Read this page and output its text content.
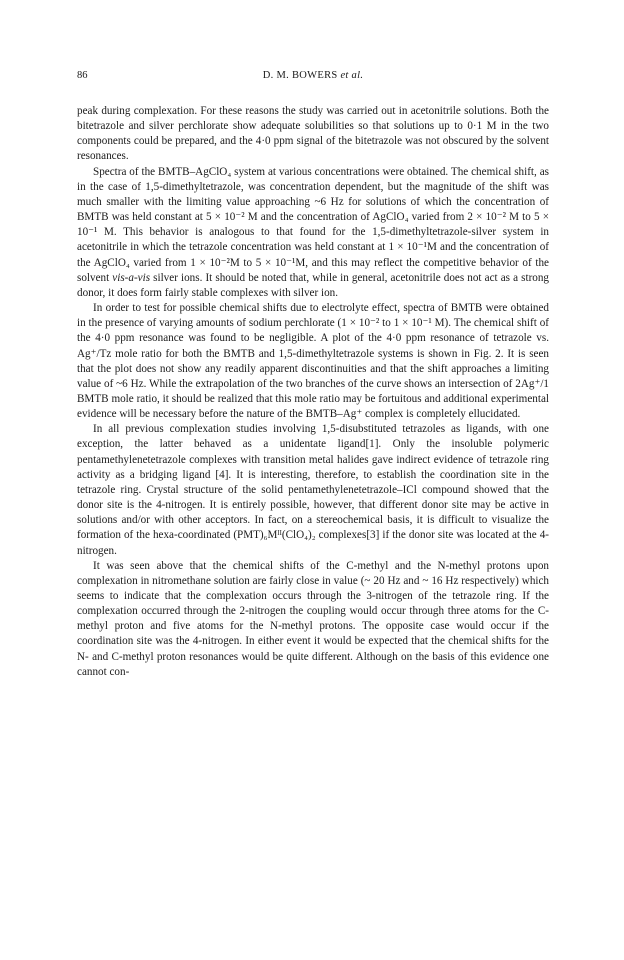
86	D. M. BOWERS et al.

peak during complexation. For these reasons the study was carried out in acetonitrile solutions. Both the bitetrazole and silver perchlorate show adequate solubilities so that solutions up to 0·1 M in the two components could be prepared, and the 4·0 ppm signal of the bitetrazole was not obscured by the solvent resonances.

Spectra of the BMTB–AgClO₄ system at various concentrations were obtained. The chemical shift, as in the case of 1,5-dimethyltetrazole, was concentration dependent, but the magnitude of the shift was much smaller with the limiting value approaching ~6 Hz for solutions of which the concentration of BMTB was held constant at 5 × 10⁻² M and the concentration of AgClO₄ varied from 2 × 10⁻² M to 5 × 10⁻¹ M. This behavior is analogous to that found for the 1,5-dimethyltetrazole-silver system in acetonitrile in which the tetrazole concentration was held constant at 1 × 10⁻¹M and the concentration of the AgClO₄ varied from 1 × 10⁻²M to 5 × 10⁻¹M, and this may reflect the competitive behavior of the solvent vis-a-vis silver ions. It should be noted that, while in general, acetonitrile does not act as a strong donor, it does form fairly stable complexes with silver ion.

In order to test for possible chemical shifts due to electrolyte effect, spectra of BMTB were obtained in the presence of varying amounts of sodium perchlorate (1 × 10⁻² to 1 × 10⁻¹ M). The chemical shift of the 4·0 ppm resonance was found to be negligible. A plot of the 4·0 ppm resonance of tetrazole vs. Ag⁺/Tz mole ratio for both the BMTB and 1,5-dimethyltetrazole systems is shown in Fig. 2. It is seen that the plot does not show any readily apparent discontinuities and that the shift approaches a limiting value of ~6 Hz. While the extrapolation of the two branches of the curve shows an intersection of 2Ag⁺/1 BMTB mole ratio, it should be realized that this mole ratio may be fortuitous and additional experimental evidence will be necessary before the nature of the BMTB–Ag⁺ complex is completely ellucidated.

In all previous complexation studies involving 1,5-disubstituted tetrazoles as ligands, with one exception, the latter behaved as a unidentate ligand[1]. Only the insoluble polymeric pentamethylenetetrazole complexes with transition metal halides gave indirect evidence of tetrazole ring activity as a bridging ligand [4]. It is interesting, therefore, to establish the coordination site in the tetrazole ring. Crystal structure of the solid pentamethylenetetrazole–ICl compound showed that the donor site is the 4-nitrogen. It is entirely possible, however, that different donor site may be active in solutions and/or with other acceptors. In fact, on a stereochemical basis, it is difficult to visualize the formation of the hexa-coordinated (PMT)₆Mᴵᴵ(ClO₄)₂ complexes[3] if the donor site was located at the 4-nitrogen.

It was seen above that the chemical shifts of the C-methyl and the N-methyl protons upon complexation in nitromethane solution are fairly close in value (~ 20 Hz and ~ 16 Hz respectively) which seems to indicate that the complexation occurs through the 3-nitrogen of the tetrazole ring. If the complexation occurred through the 2-nitrogen the coupling would occur through three atoms for the C-methyl proton and five atoms for the N-methyl protons. The opposite case would occur if the coordination site was the 4-nitrogen. In either event it would be expected that the chemical shifts for the N- and C-methyl proton resonances would be quite different. Although on the basis of this evidence one cannot con-
